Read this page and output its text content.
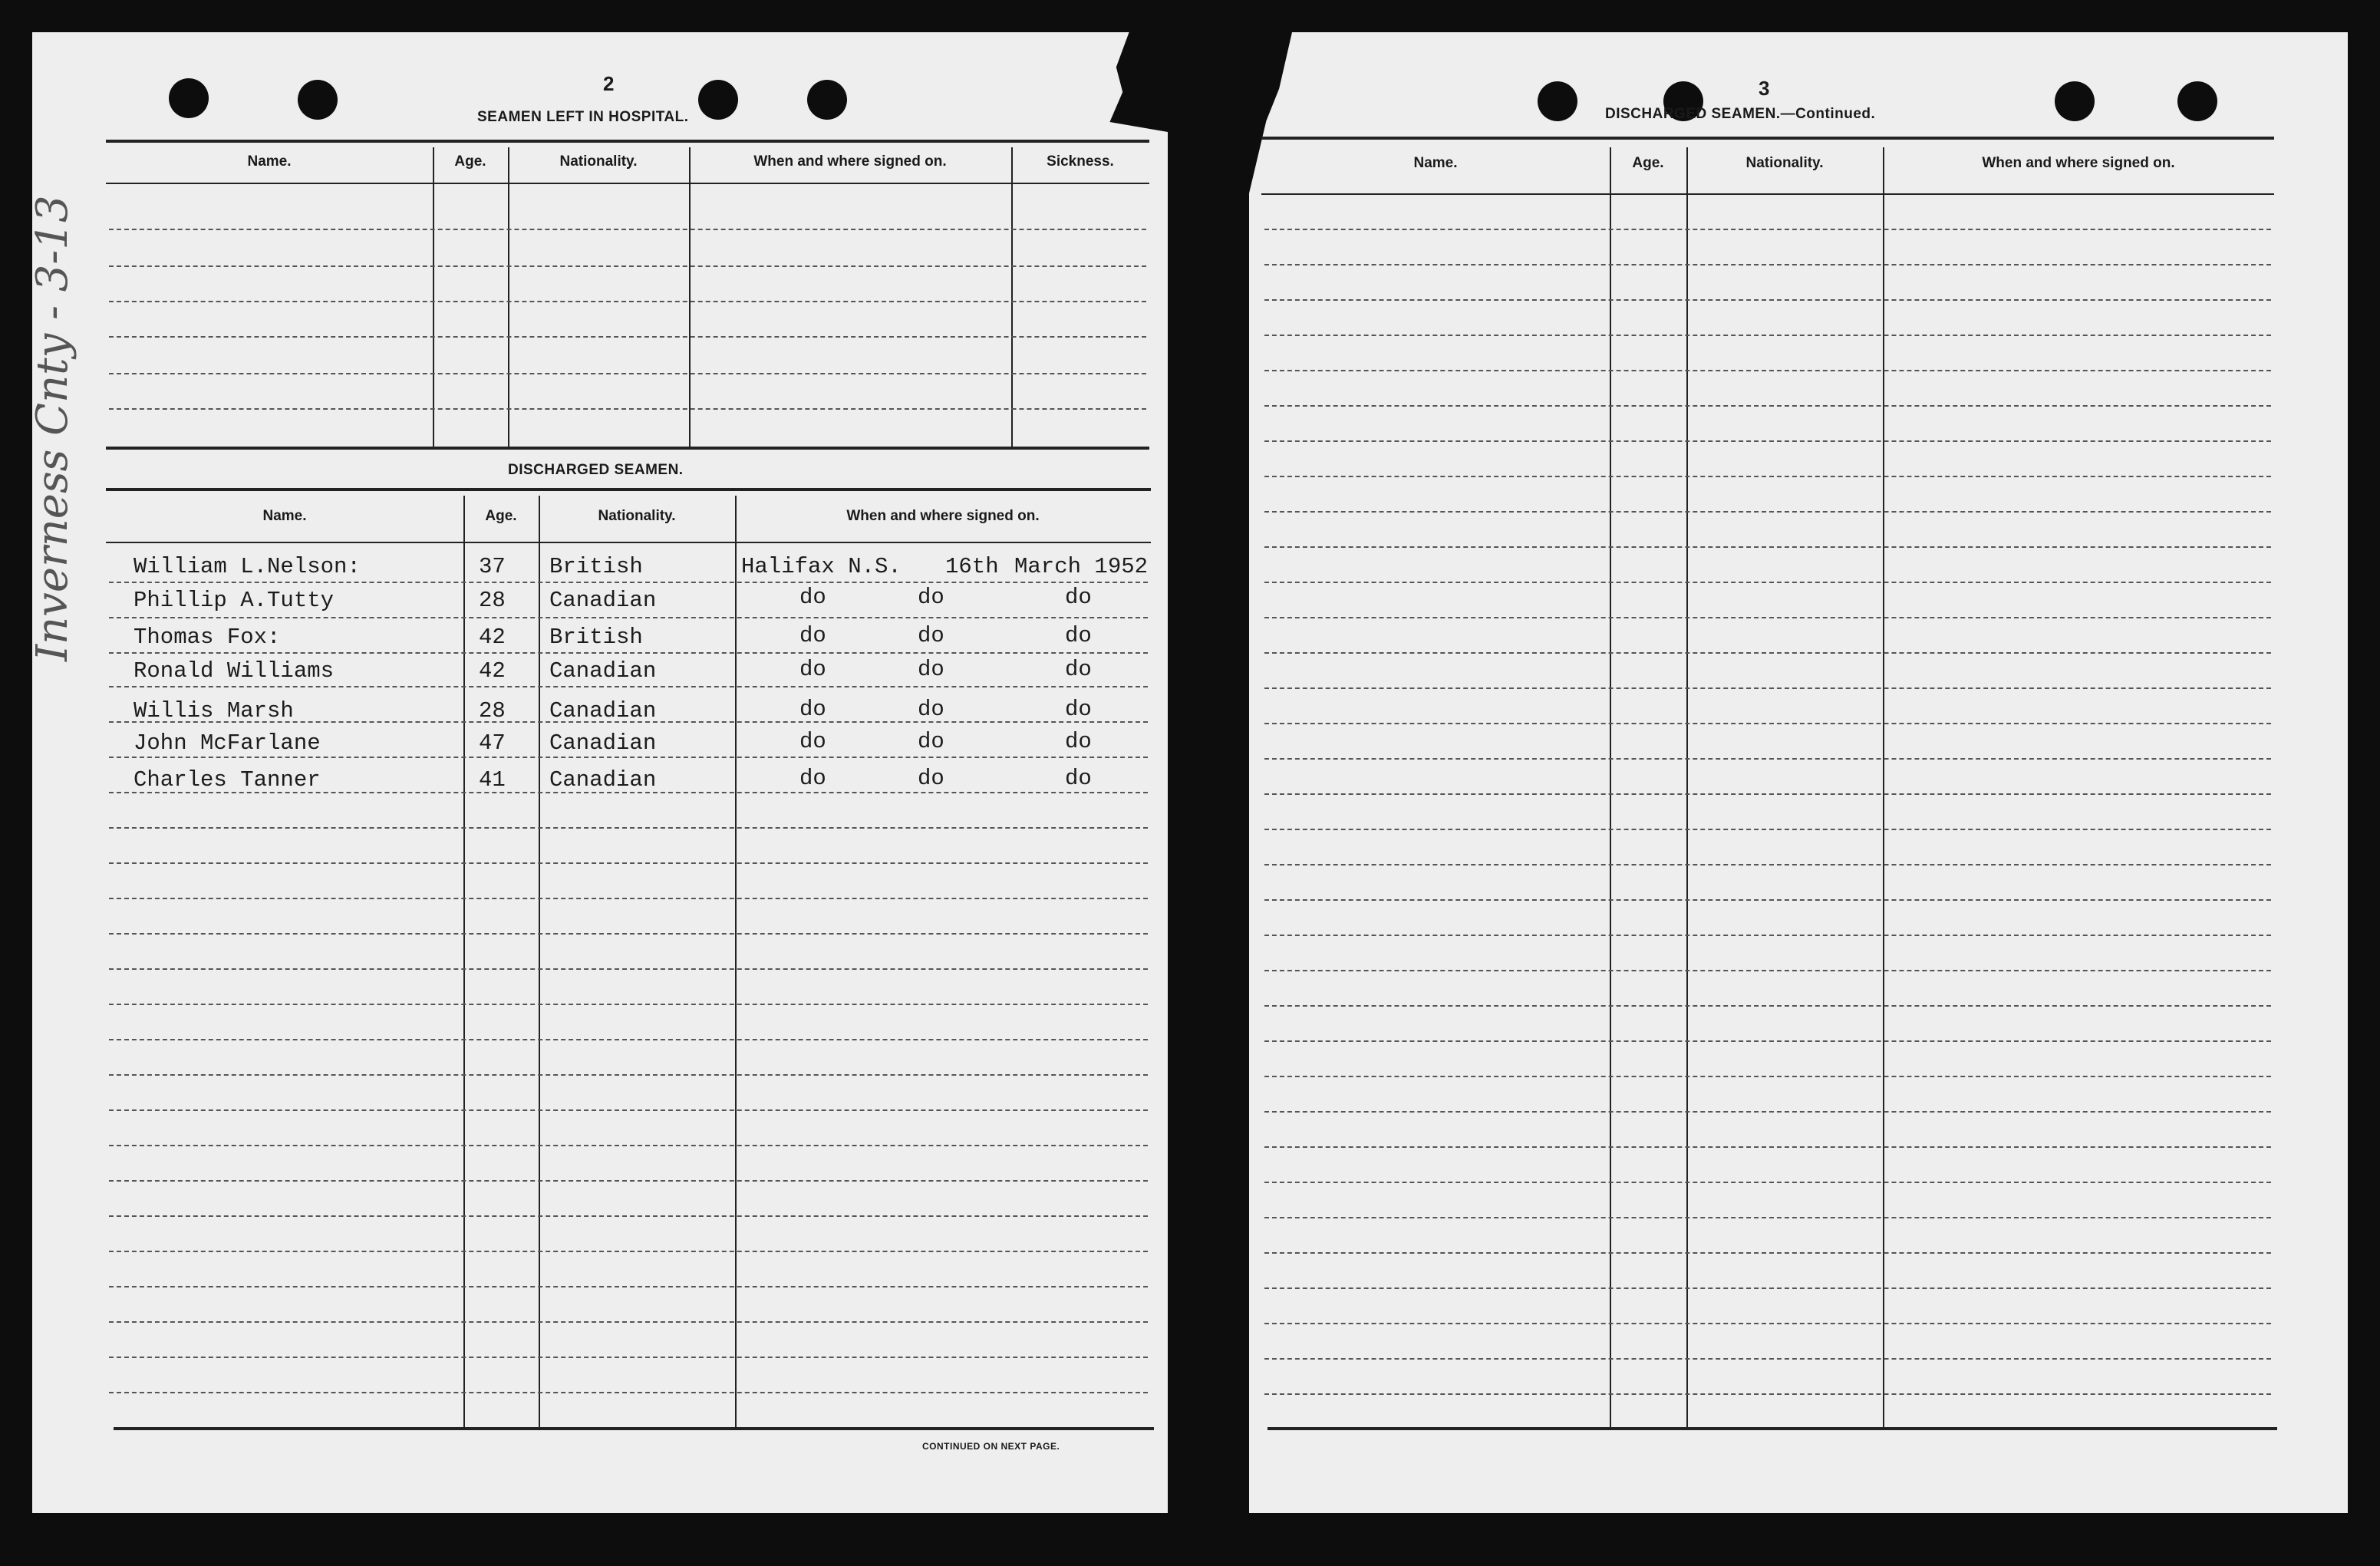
Inverness Cnty - 3-13
2
SEAMEN LEFT IN HOSPITAL.
Name.	Age.	Nationality.	When and where signed on.	Sickness.
DISCHARGED SEAMEN.
Name.	Age.	Nationality.	When and where signed on.
William L.Nelson:	37 British	Halifax N.S. 16th March 1952
Phillip A.Tutty	28 Canadian	do	do	do
Thomas Fox:	42 British	do	do	do
Ronald Williams	42 Canadian	do	do	do
Willis Marsh	28 Canadian	do	do	do
John McFarlane	47 Canadian	do	do	do
Charles Tanner	41 Canadian	do	do	do
CONTINUED ON NEXT PAGE.
3
DISCHARGED SEAMEN.—Continued.
Name.	Age.	Nationality.	When and where signed on.
